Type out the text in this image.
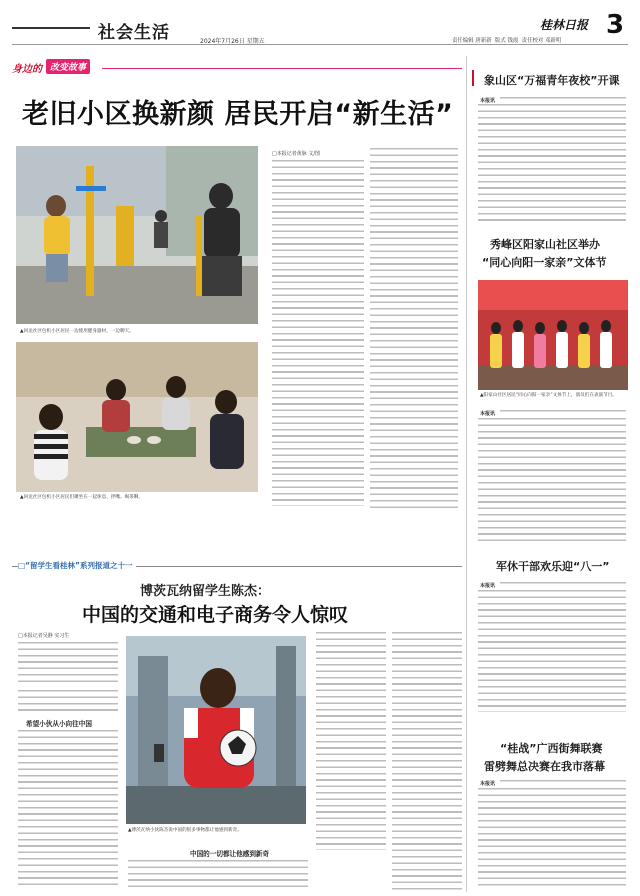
社会生活	2024年7月26日 星期五	责任编辑 唐新新 版式 钱霞 责任校对 邓新明
桂林日报 3
身边的 改变故事
老旧小区换新颜 居民开启“新生活”
▲回龙社区包机小区居民一边使用健身器材，一边聊天。
▲回龙社区包机小区居民们聚坐在一起休息、拌嘴、喝茶聊。
□本报记者黄脉 文/图
□“留学生看桂林”系列报道之十一
博茨瓦纳留学生陈杰：
中国的交通和电子商务令人惊叹
□本报记者吴静 实习生
希望小伙从小向往中国
▲博茨瓦纳小伙陈杰说中国的很多事物都让他感到新奇。
中国的一切都让他感到新奇
象山区“万福青年夜校”开课
本报讯
秀峰区阳家山社区举办
“同心向阳一家亲”文体节
▲阳家山社区居民“同心向阳一家亲”文体节上，演员们在表演节目。
本报讯
军休干部欢乐迎“八一”
本报讯
“桂战”广西街舞联赛
雷劈舞总决赛在我市落幕
本报讯
